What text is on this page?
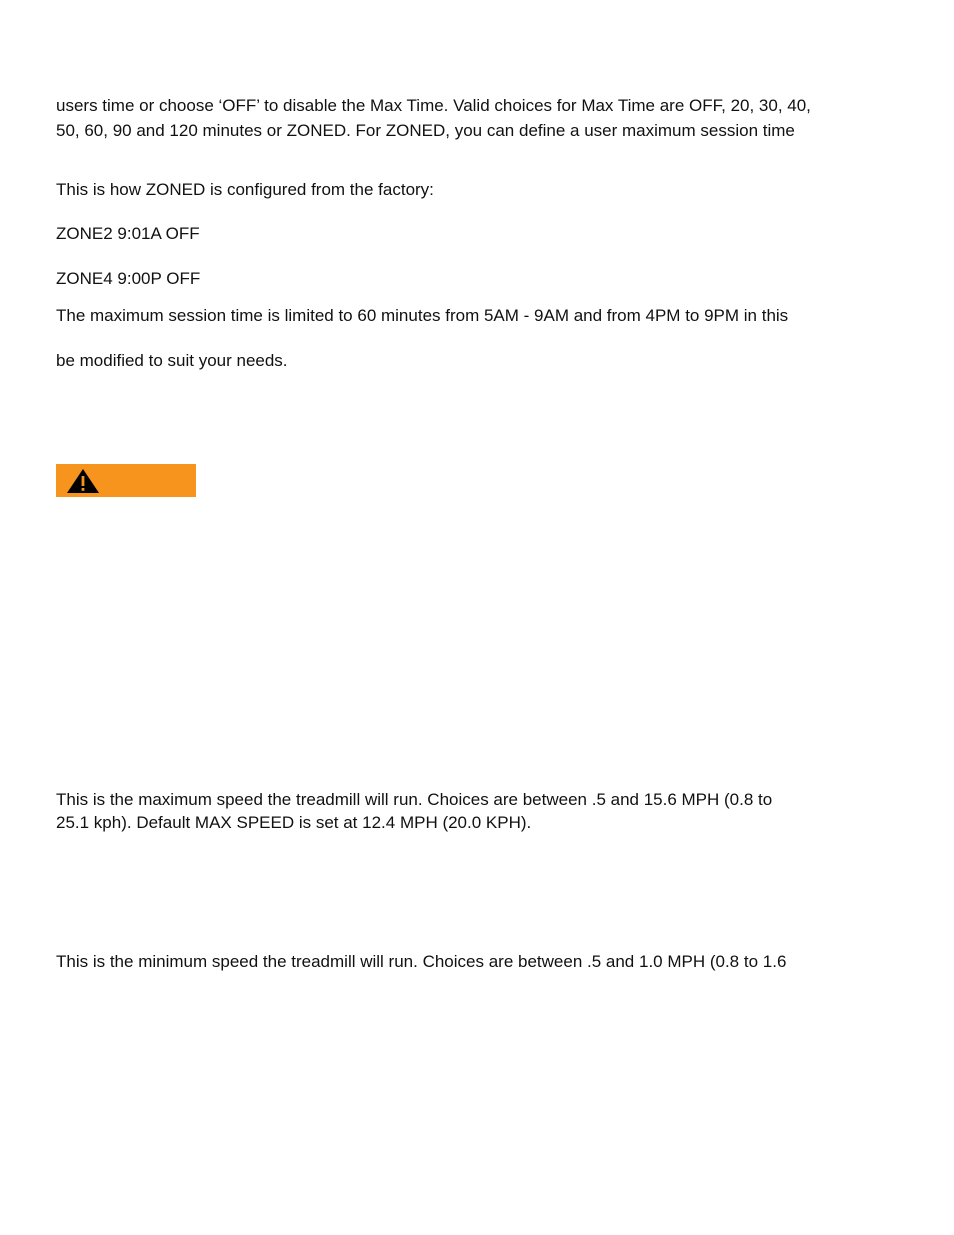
users time or choose ‘OFF’ to disable the Max Time. Valid choices for Max Time are OFF, 20, 30, 40,

50, 60, 90 and 120 minutes or ZONED. For ZONED, you can define a user maximum session time

This is how ZONED is configured from the factory:

ZONE2 9:01A OFF

ZONE4 9:00P OFF

The maximum session time is limited to 60 minutes from 5AM - 9AM and from 4PM to 9PM in this

be modified to suit your needs.

This is the maximum speed the treadmill will run. Choices are between .5 and 15.6 MPH (0.8 to

25.1 kph). Default MAX SPEED is set at 12.4 MPH (20.0 KPH).

This is the minimum speed the treadmill will run. Choices are between .5 and 1.0 MPH (0.8 to 1.6
